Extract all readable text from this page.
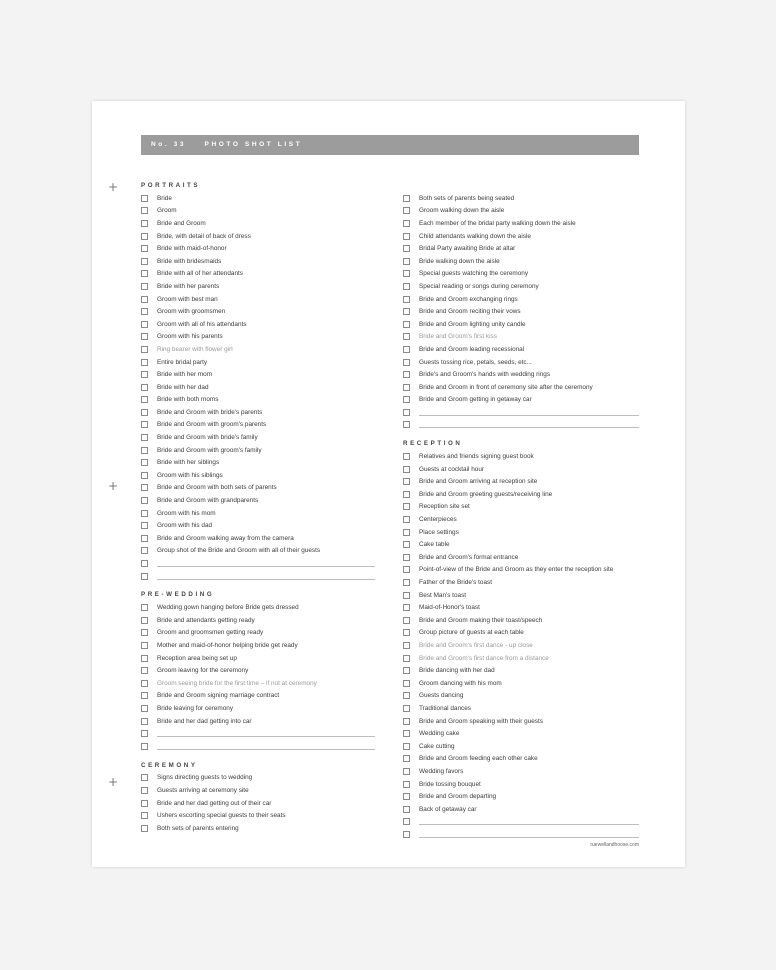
No. 33	PHOTO SHOT LIST
PORTRAITS
Bride
Groom
Bride and Groom
Bride, with detail of back of dress
Bride with maid-of-honor
Bride with bridesmaids
Bride with all of her attendants
Bride with her parents
Groom with best man
Groom with groomsmen
Groom with all of his attendants
Groom with his parents
Ring bearer with flower girl
Entire bridal party
Bride with her mom
Bride with her dad
Bride with both moms
Bride and Groom with bride's parents
Bride and Groom with groom's parents
Bride and Groom with bride's family
Bride and Groom with groom's family
Bride with her siblings
Groom with his siblings
Bride and Groom with both sets of parents
Bride and Groom with grandparents
Groom with his mom
Groom with his dad
Bride and Groom walking away from the camera
Group shot of the Bride and Groom with all of their guests
PRE-WEDDING
Wedding gown hanging before Bride gets dressed
Bride and attendants getting ready
Groom and groomsmen getting ready
Mother and maid-of-honor helping bride get ready
Reception area being set up
Groom leaving for the ceremony
Groom seeing bride for the first time – if not at ceremony
Bride and Groom signing marriage contract
Bride leaving for ceremony
Bride and her dad getting into car
CEREMONY
Signs directing guests to wedding
Guests arriving at ceremony site
Bride and her dad getting out of their car
Ushers escorting special guests to their seats
Both sets of parents entering
Both sets of parents being seated
Groom walking down the aisle
Each member of the bridal party walking down the aisle
Child attendants walking down the aisle
Bridal Party awaiting Bride at altar
Bride walking down the aisle
Special guests watching the ceremony
Special reading or songs during ceremony
Bride and Groom exchanging rings
Bride and Groom reciting their vows
Bride and Groom lighting unity candle
Bride and Groom's first kiss
Bride and Groom leading recessional
Guests tossing rice, petals, seeds, etc...
Bride's and Groom's hands with wedding rings
Bride and Groom in front of ceremony site after the ceremony
Bride and Groom getting in getaway car
RECEPTION
Relatives and friends signing guest book
Guests at cocktail hour
Bride and Groom arriving at reception site
Bride and Groom greeting guests/receiving line
Reception site set
Centerpieces
Place settings
Cake table
Bride and Groom's formal entrance
Point-of-view of the Bride and Groom as they enter the reception site
Father of the Bride's toast
Best Man's toast
Maid-of-Honor's toast
Bride and Groom making their toast/speech
Group picture of guests at each table
Bride and Groom's first dance - up close
Bride and Groom's first dance from a distance
Bride dancing with her dad
Groom dancing with his mom
Guests dancing
Traditional dances
Bride and Groom speaking with their guests
Wedding cake
Cake cutting
Bride and Groom feeding each other cake
Wedding favors
Bride tossing bouquet
Bride and Groom departing
Back of getaway car
ruewellandhoose.com
+
+
+
